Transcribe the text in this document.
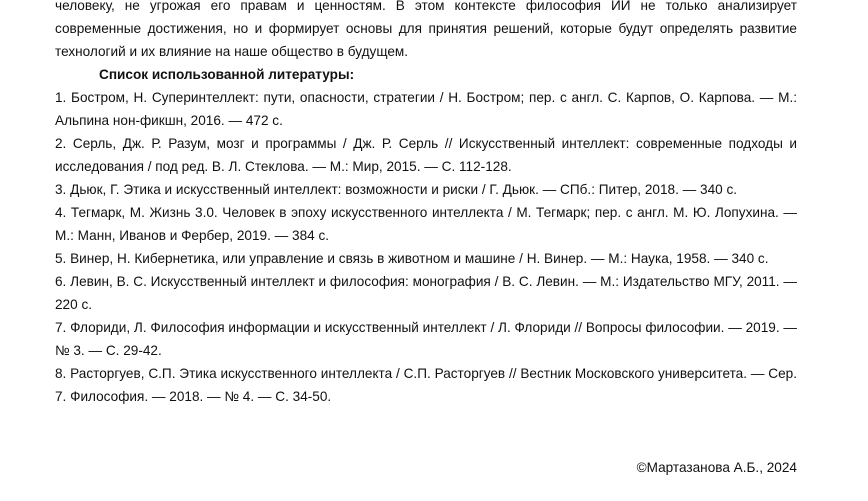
человеку, не угрожая его правам и ценностям. В этом контексте философия ИИ не только анализирует современные достижения, но и формирует основы для принятия решений, которые будут определять развитие технологий и их влияние на наше общество в будущем.

Список использованной литературы:

1. Бостром, Н. Суперинтеллект: пути, опасности, стратегии / Н. Бостром; пер. с англ. С. Карпов, О. Карпова. — М.: Альпина нон-фикшн, 2016. — 472 с.

2. Серль, Дж. Р. Разум, мозг и программы / Дж. Р. Серль // Искусственный интеллект: современные подходы и исследования / под ред. В. Л. Стеклова. — М.: Мир, 2015. — С. 112-128.

3. Дьюк, Г. Этика и искусственный интеллект: возможности и риски / Г. Дьюк. — СПб.: Питер, 2018. — 340 с.

4. Тегмарк, М. Жизнь 3.0. Человек в эпоху искусственного интеллекта / М. Тегмарк; пер. с англ. М. Ю. Лопухина. — М.: Манн, Иванов и Фербер, 2019. — 384 с.

5. Винер, Н. Кибернетика, или управление и связь в животном и машине / Н. Винер. — М.: Наука, 1958. — 340 с.

6. Левин, В. С. Искусственный интеллект и философия: монография / В. С. Левин. — М.: Издательство МГУ, 2011. — 220 с.

7. Флориди, Л. Философия информации и искусственный интеллект / Л. Флориди // Вопросы философии. — 2019. — № 3. — С. 29-42.

8. Расторгуев, С.П. Этика искусственного интеллекта / С.П. Расторгуев // Вестник Московского университета. — Сер. 7. Философия. — 2018. — № 4. — С. 34-50.

©Мартазанова А.Б., 2024
